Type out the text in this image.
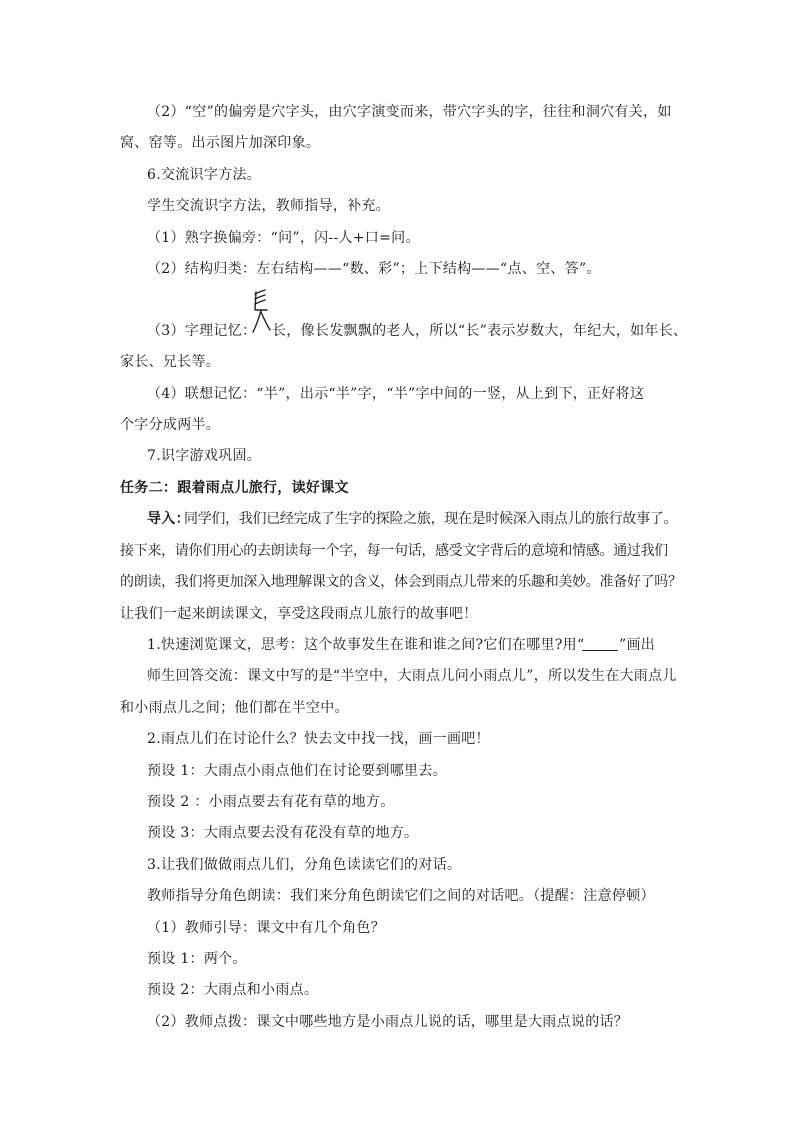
（2）“空”的偏旁是穴字头，由穴字演变而来，带穴字头的字，往往和洞穴有关，如
窝、窑等。出示图片加深印象。
6.交流识字方法。
学生交流识字方法，教师指导，补充。
（1）熟字换偏旁：“问”，闪--人+口=问。
（2）结构归类：左右结构——“数、彩”；上下结构——“点、空、答”。
（3）字理记忆：	长，像长发飘飘的老人，所以“长”表示岁数大，年纪大，如年长、
家长、兄长等。
（4）联想记忆：“半”，出示“半”字，“半”字中间的一竖，从上到下，正好将这
个字分成两半。
7.识字游戏巩固。
任务二：跟着雨点儿旅行，读好课文
导入：
同学们，我们已经完成了生字的探险之旅，现在是时候深入雨点儿的旅行故事了。
接下来，请你们用心的去朗读每一个字，每一句话，感受文字背后的意境和情感。通过我们
的朗读，我们将更加深入地理解课文的含义，体会到雨点儿带来的乐趣和美妙。准备好了吗？
让我们一起来朗读课文，享受这段雨点儿旅行的故事吧！
1.快速浏览课文，思考：这个故事发生在谁和谁之间?它们在哪里?用“	”画出
师生回答交流：课文中写的是“半空中，大雨点儿问小雨点儿”，所以发生在大雨点儿
和小雨点儿之间；他们都在半空中。
2.雨点儿们在讨论什么？快去文中找一找，画一画吧！
预设 1：大雨点小雨点他们在讨论要到哪里去。
预设 2 ：小雨点要去有花有草的地方。
预设 3：大雨点要去没有花没有草的地方。
3.让我们做做雨点儿们，分角色读读它们的对话。
教师指导分角色朗读：我们来分角色朗读它们之间的对话吧。（提醒：注意停顿）
（1）教师引导：课文中有几个角色？
预设 1：两个。
预设 2：大雨点和小雨点。
（2）教师点拨：课文中哪些地方是小雨点儿说的话，哪里是大雨点说的话？
